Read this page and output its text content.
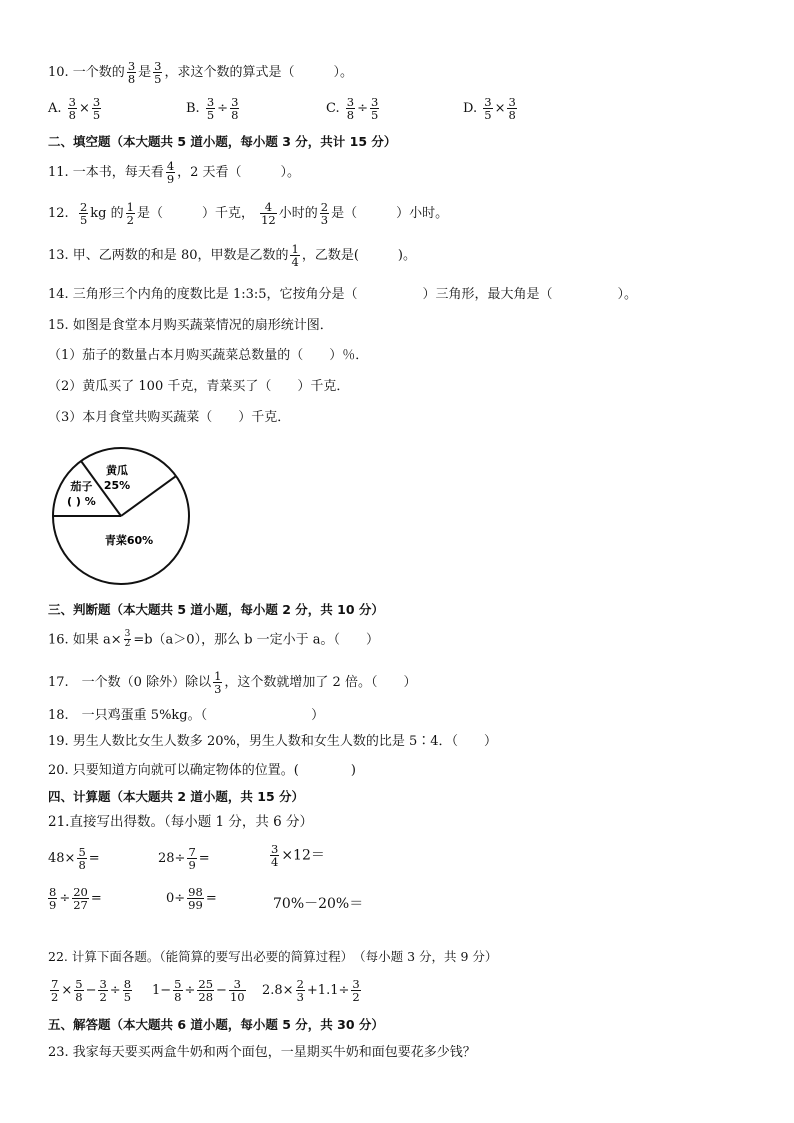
10. 一个数的 $\frac{3}{8}$ 是 $\frac{3}{5}$ ，求这个数的算式是（　　　）。
A. $\frac{3}{8} \times \frac{3}{5}$	B. $\frac{3}{5} \div \frac{3}{8}$	C. $\frac{3}{8} \div \frac{3}{5}$	D. $\frac{3}{5} \times \frac{3}{8}$
二、填空题（本大题共 5 道小题，每小题 3 分，共计 15 分）
11. 一本书，每天看 $\frac{4}{9}$ ，2 天看（　　　）。
12. $\frac{2}{5}$ kg 的 $\frac{1}{2}$ 是（　　　）千克， $\frac{4}{12}$ 小时的 $\frac{2}{3}$ 是（　　　）小时。
13. 甲、乙两数的和是 80，甲数是乙数的 $\frac{1}{4}$ ，乙数是(　　　)。
14. 三角形三个内角的度数比是 1:3:5，它按角分是（　　　　　）三角形，最大角是（　　　　　）。
15. 如图是食堂本月购买蔬菜情况的扇形统计图．
（1）茄子的数量占本月购买蔬菜总数量的（　　）％．
（2）黄瓜买了 100 千克，青菜买了（　　）千克．
（3）本月食堂共购买蔬菜（　　）千克．
茄子
( ) %
黄瓜
25%
青菜60%
三、判断题（本大题共 5 道小题，每小题 2 分，共 10 分）
16. 如果 $a\times \frac{3}{2} =b(a>0)$，那么 b 一定小于 a。（　　）
17.　一个数（0 除外）除以 $\frac{1}{3}$ ，这个数就增加了 2 倍。（　　）
18.　一只鸡蛋重 5%kg。（　　　　　　　　）
19. 男生人数比女生人数多 20%，男生人数和女生人数的比是 5∶4．（　　）
20. 只要知道方向就可以确定物体的位置。(　　　　)
四、计算题（本大题共 2 道小题，共 15 分）
21.直接写出得数。（每小题 1 分，共 6 分）
$48\times \frac{5}{8}$ =	$28\div \frac{7}{9}$ =	$\frac{3}{4} \times 12=$
$\frac{8}{9} \div \frac{20}{27}$ =	$0\div \frac{98}{99}$ =	70%－20%＝
22. 计算下面各题。（能简算的要写出必要的简算过程）　（每小题 3 分，共 9 分）
$\frac{7}{2} \times \frac{5}{8} - \frac{3}{2} \div \frac{8}{5} 1- \frac{5}{8} \div \frac{25}{28} - \frac{3}{10} 2.8\times \frac{2}{3} +1.1\div \frac{3}{2}$
五、解答题（本大题共 6 道小题，每小题 5 分，共 30 分）
23. 我家每天要买两盒牛奶和两个面包，一星期买牛奶和面包要花多少钱？
